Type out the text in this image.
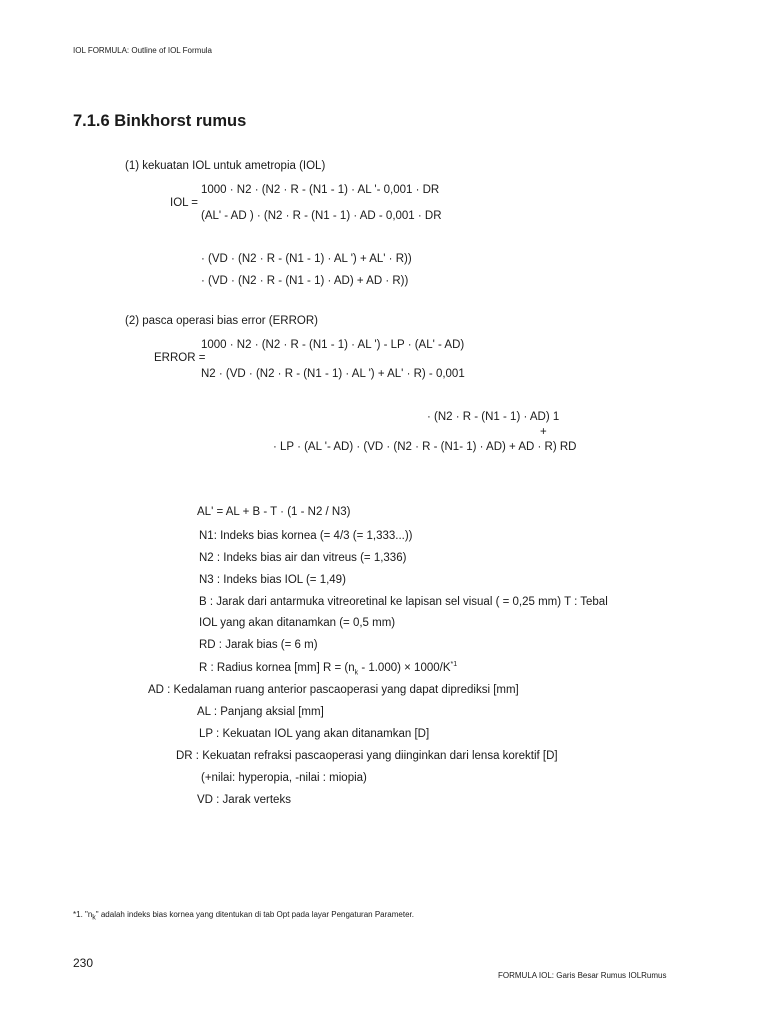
IOL FORMULA: Outline of IOL Formula
7.1.6 Binkhorst rumus
(1) kekuatan IOL untuk ametropia (IOL)
1000 · N2 · (N2 · R - (N1 - 1) · AL '- 0,001 · DR
IOL =
(AL' - AD ) · (N2 · R - (N1 - 1) · AD - 0,001 · DR
· (VD · (N2 · R - (N1 - 1) · AL ') + AL' · R))
· (VD · (N2 · R - (N1 - 1) · AD) + AD · R))
(2) pasca operasi bias error (ERROR)
1000 · N2 · (N2 · R - (N1 - 1) · AL ') - LP · (AL' - AD)
ERROR =
N2 · (VD · (N2 · R - (N1 - 1) · AL ') + AL' · R) - 0,001
· (N2 · R - (N1 - 1) · AD) 1
+
· LP · (AL '- AD) · (VD · (N2 · R - (N1- 1) · AD) + AD · R) RD
AL' = AL + B - T · (1 - N2 / N3)
N1: Indeks bias kornea (= 4/3 (= 1,333...))
N2 : Indeks bias air dan vitreus (= 1,336)
N3 : Indeks bias IOL (= 1,49)
B : Jarak dari antarmuka vitreoretinal ke lapisan sel visual ( = 0,25 mm) T : Tebal
IOL yang akan ditanamkan (= 0,5 mm)
RD : Jarak bias (= 6 m)
R : Radius kornea [mm] $R = (n_k - 1.000) \times 1000/K^{*1}$
AD : Kedalaman ruang anterior pascaoperasi yang dapat diprediksi [mm]
AL : Panjang aksial [mm]
LP : Kekuatan IOL yang akan ditanamkan [D]
DR : Kekuatan refraksi pascaoperasi yang diinginkan dari lensa korektif [D]
(+nilai: hyperopia, -nilai : miopia)
VD : Jarak verteks
*1. "$n_k$" adalah indeks bias kornea yang ditentukan di tab Opt pada layar Pengaturan Parameter.
230
FORMULA IOL: Garis Besar Rumus IOLRumus
